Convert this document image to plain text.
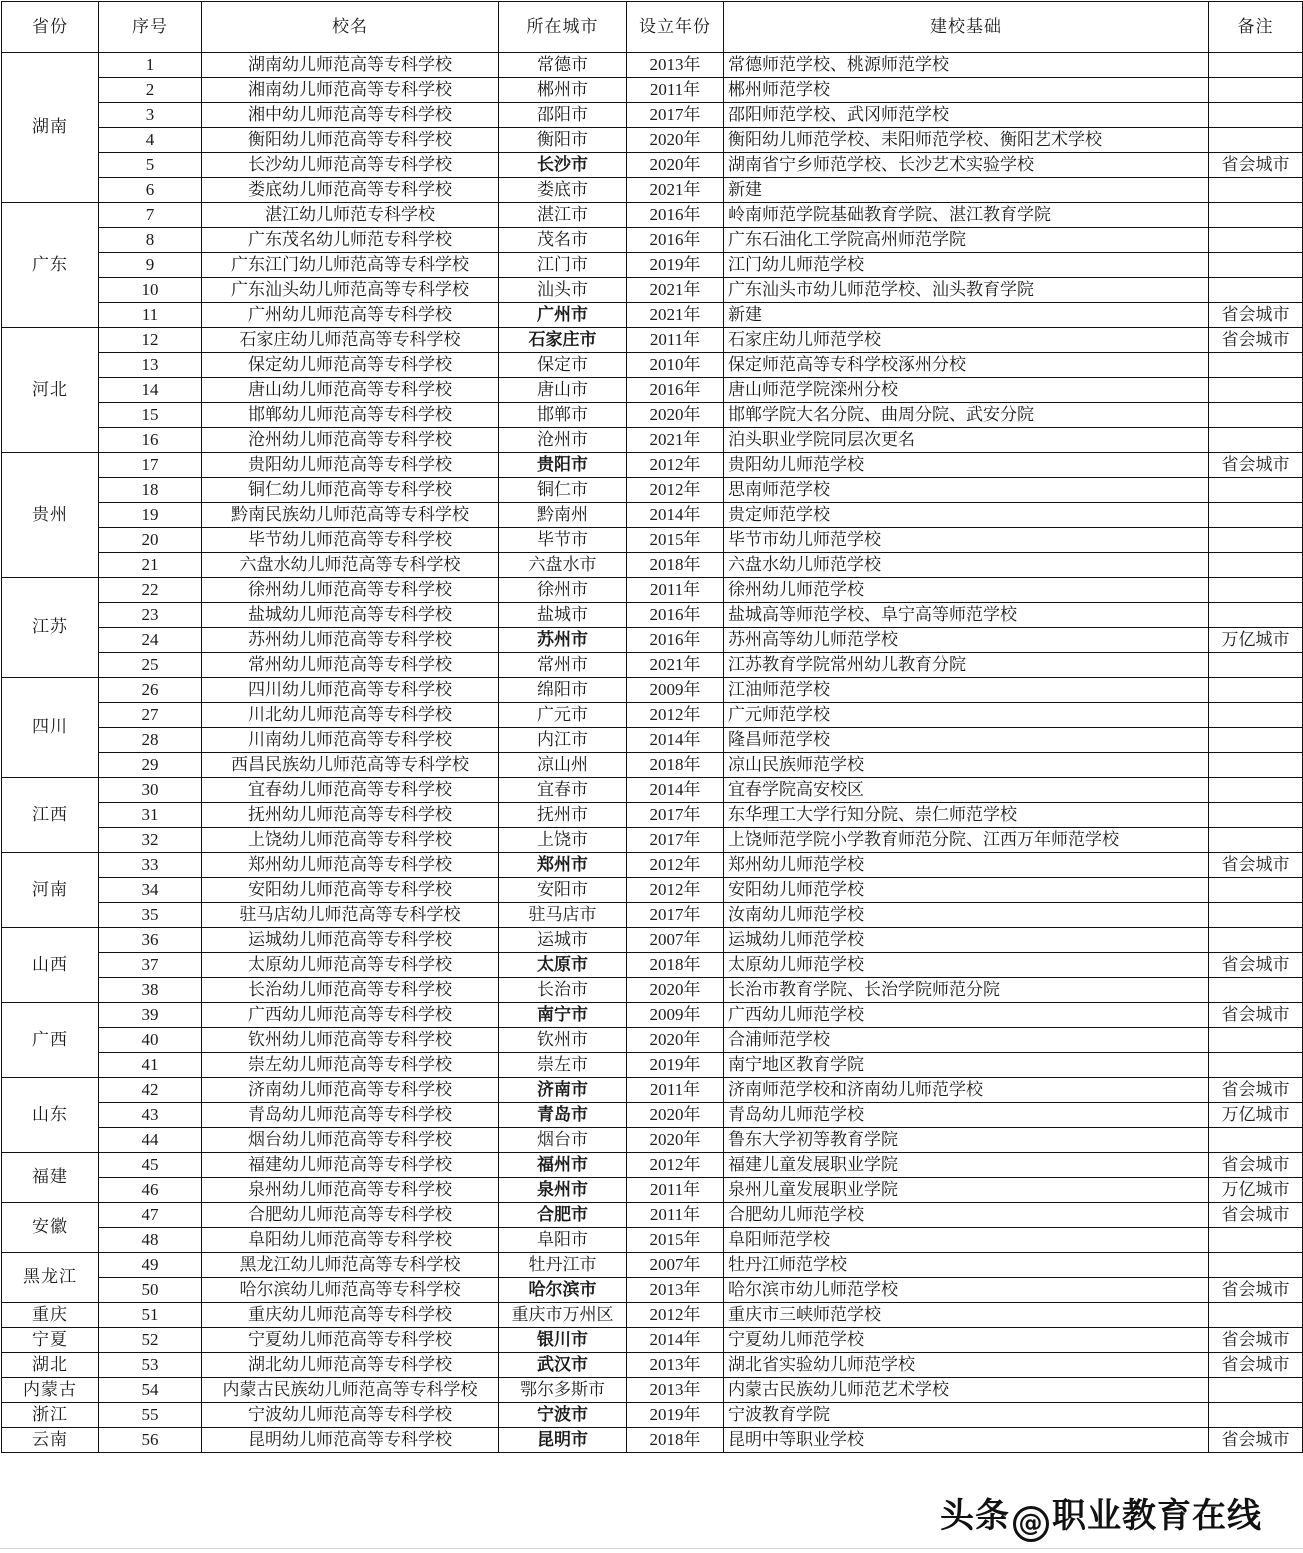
省份	序号	校名	所在城市	设立年份	建校基础	备注
湖南	1	湖南幼儿师范高等专科学校	常德市	2013年	常德师范学校、桃源师范学校	
	2	湘南幼儿师范高等专科学校	郴州市	2011年	郴州师范学校	
	3	湘中幼儿师范高等专科学校	邵阳市	2017年	邵阳师范学校、武冈师范学校	
	4	衡阳幼儿师范高等专科学校	衡阳市	2020年	衡阳幼儿师范学校、耒阳师范学校、衡阳艺术学校	
	5	长沙幼儿师范高等专科学校	长沙市	2020年	湖南省宁乡师范学校、长沙艺术实验学校	省会城市
	6	娄底幼儿师范高等专科学校	娄底市	2021年	新建	
广东	7	湛江幼儿师范专科学校	湛江市	2016年	岭南师范学院基础教育学院、湛江教育学院	
	8	广东茂名幼儿师范专科学校	茂名市	2016年	广东石油化工学院高州师范学院	
	9	广东江门幼儿师范高等专科学校	江门市	2019年	江门幼儿师范学校	
	10	广东汕头幼儿师范高等专科学校	汕头市	2021年	广东汕头市幼儿师范学校、汕头教育学院	
	11	广州幼儿师范高等专科学校	广州市	2021年	新建	省会城市
河北	12	石家庄幼儿师范高等专科学校	石家庄市	2011年	石家庄幼儿师范学校	省会城市
	13	保定幼儿师范高等专科学校	保定市	2010年	保定师范高等专科学校涿州分校	
	14	唐山幼儿师范高等专科学校	唐山市	2016年	唐山师范学院滦州分校	
	15	邯郸幼儿师范高等专科学校	邯郸市	2020年	邯郸学院大名分院、曲周分院、武安分院	
	16	沧州幼儿师范高等专科学校	沧州市	2021年	泊头职业学院同层次更名	
贵州	17	贵阳幼儿师范高等专科学校	贵阳市	2012年	贵阳幼儿师范学校	省会城市
	18	铜仁幼儿师范高等专科学校	铜仁市	2012年	思南师范学校	
	19	黔南民族幼儿师范高等专科学校	黔南州	2014年	贵定师范学校	
	20	毕节幼儿师范高等专科学校	毕节市	2015年	毕节市幼儿师范学校	
	21	六盘水幼儿师范高等专科学校	六盘水市	2018年	六盘水幼儿师范学校	
江苏	22	徐州幼儿师范高等专科学校	徐州市	2011年	徐州幼儿师范学校	
	23	盐城幼儿师范高等专科学校	盐城市	2016年	盐城高等师范学校、阜宁高等师范学校	
	24	苏州幼儿师范高等专科学校	苏州市	2016年	苏州高等幼儿师范学校	万亿城市
	25	常州幼儿师范高等专科学校	常州市	2021年	江苏教育学院常州幼儿教育分院	
四川	26	四川幼儿师范高等专科学校	绵阳市	2009年	江油师范学校	
	27	川北幼儿师范高等专科学校	广元市	2012年	广元师范学校	
	28	川南幼儿师范高等专科学校	内江市	2014年	隆昌师范学校	
	29	西昌民族幼儿师范高等专科学校	凉山州	2018年	凉山民族师范学校	
江西	30	宜春幼儿师范高等专科学校	宜春市	2014年	宜春学院高安校区	
	31	抚州幼儿师范高等专科学校	抚州市	2017年	东华理工大学行知分院、崇仁师范学校	
	32	上饶幼儿师范高等专科学校	上饶市	2017年	上饶师范学院小学教育师范分院、江西万年师范学校	
河南	33	郑州幼儿师范高等专科学校	郑州市	2012年	郑州幼儿师范学校	省会城市
	34	安阳幼儿师范高等专科学校	安阳市	2012年	安阳幼儿师范学校	
	35	驻马店幼儿师范高等专科学校	驻马店市	2017年	汝南幼儿师范学校	
山西	36	运城幼儿师范高等专科学校	运城市	2007年	运城幼儿师范学校	
	37	太原幼儿师范高等专科学校	太原市	2018年	太原幼儿师范学校	省会城市
	38	长治幼儿师范高等专科学校	长治市	2020年	长治市教育学院、长治学院师范分院	
广西	39	广西幼儿师范高等专科学校	南宁市	2009年	广西幼儿师范学校	省会城市
	40	钦州幼儿师范高等专科学校	钦州市	2020年	合浦师范学校	
	41	崇左幼儿师范高等专科学校	崇左市	2019年	南宁地区教育学院	
山东	42	济南幼儿师范高等专科学校	济南市	2011年	济南师范学校和济南幼儿师范学校	省会城市
	43	青岛幼儿师范高等专科学校	青岛市	2020年	青岛幼儿师范学校	万亿城市
	44	烟台幼儿师范高等专科学校	烟台市	2020年	鲁东大学初等教育学院	
福建	45	福建幼儿师范高等专科学校	福州市	2012年	福建儿童发展职业学院	省会城市
	46	泉州幼儿师范高等专科学校	泉州市	2011年	泉州儿童发展职业学院	万亿城市
安徽	47	合肥幼儿师范高等专科学校	合肥市	2011年	合肥幼儿师范学校	省会城市
	48	阜阳幼儿师范高等专科学校	阜阳市	2015年	阜阳师范学校	
黑龙江	49	黑龙江幼儿师范高等专科学校	牡丹江市	2007年	牡丹江师范学校	
	50	哈尔滨幼儿师范高等专科学校	哈尔滨市	2013年	哈尔滨市幼儿师范学校	省会城市
重庆	51	重庆幼儿师范高等专科学校	重庆市万州区	2012年	重庆市三峡师范学校	
宁夏	52	宁夏幼儿师范高等专科学校	银川市	2014年	宁夏幼儿师范学校	省会城市
湖北	53	湖北幼儿师范高等专科学校	武汉市	2013年	湖北省实验幼儿师范学校	省会城市
内蒙古	54	内蒙古民族幼儿师范高等专科学校	鄂尔多斯市	2013年	内蒙古民族幼儿师范艺术学校	
浙江	55	宁波幼儿师范高等专科学校	宁波市	2019年	宁波教育学院	
云南	56	昆明幼儿师范高等专科学校	昆明市	2018年	昆明中等职业学校	省会城市
头条 @ 职业教育在线
